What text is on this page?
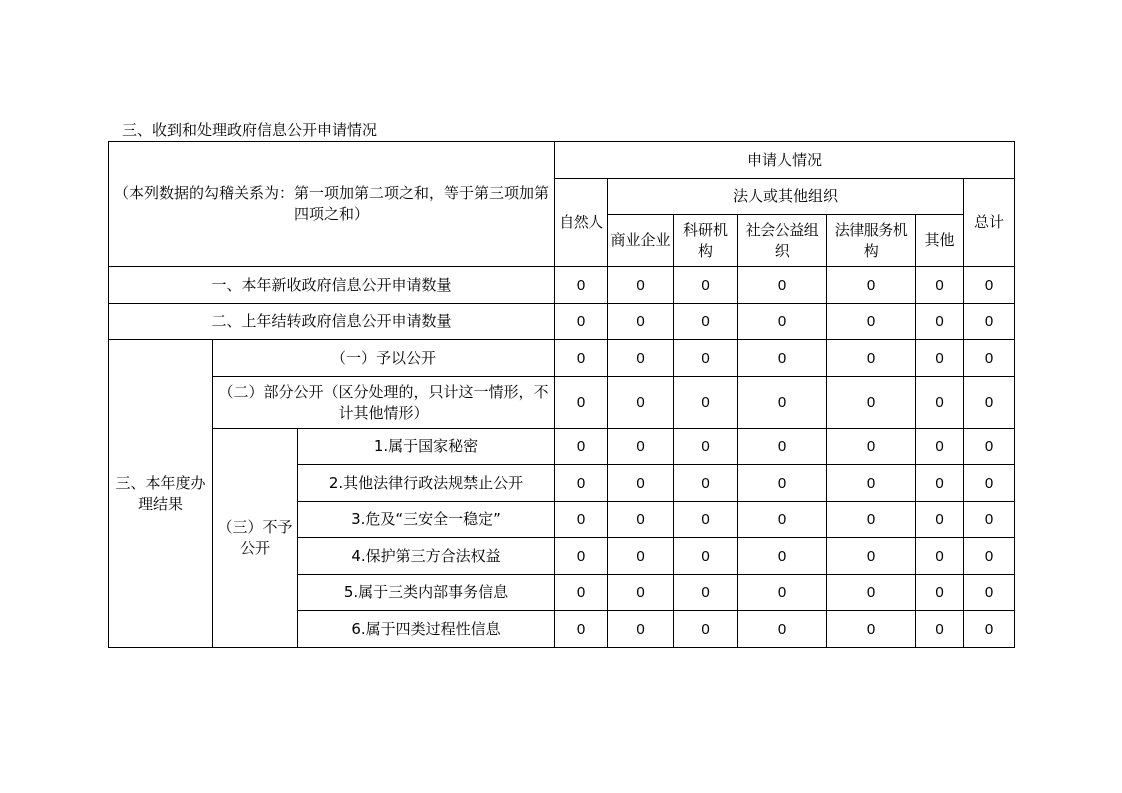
三、收到和处理政府信息公开申请情况
（本列数据的勾稽关系为：第一项加第二项之和，等于第三项加第四项之和）			申请人情况						
			自然人	法人或其他组织					总计
				商业企业	科研机构	社会公益组织	法律服务机构	其他	
一、本年新收政府信息公开申请数量			0	0	0	0	0	0	0
二、上年结转政府信息公开申请数量			0	0	0	0	0	0	0
三、本年度办理结果	（一）予以公开		0	0	0	0	0	0	0
	（二）部分公开（区分处理的，只计这一情形，不计其他情形）		0	0	0	0	0	0	0
	（三）不予公开	1.属于国家秘密	0	0	0	0	0	0	0
		2.其他法律行政法规禁止公开	0	0	0	0	0	0	0
		3.危及“三安全一稳定”	0	0	0	0	0	0	0
		4.保护第三方合法权益	0	0	0	0	0	0	0
		5.属于三类内部事务信息	0	0	0	0	0	0	0
		6.属于四类过程性信息	0	0	0	0	0	0	0
